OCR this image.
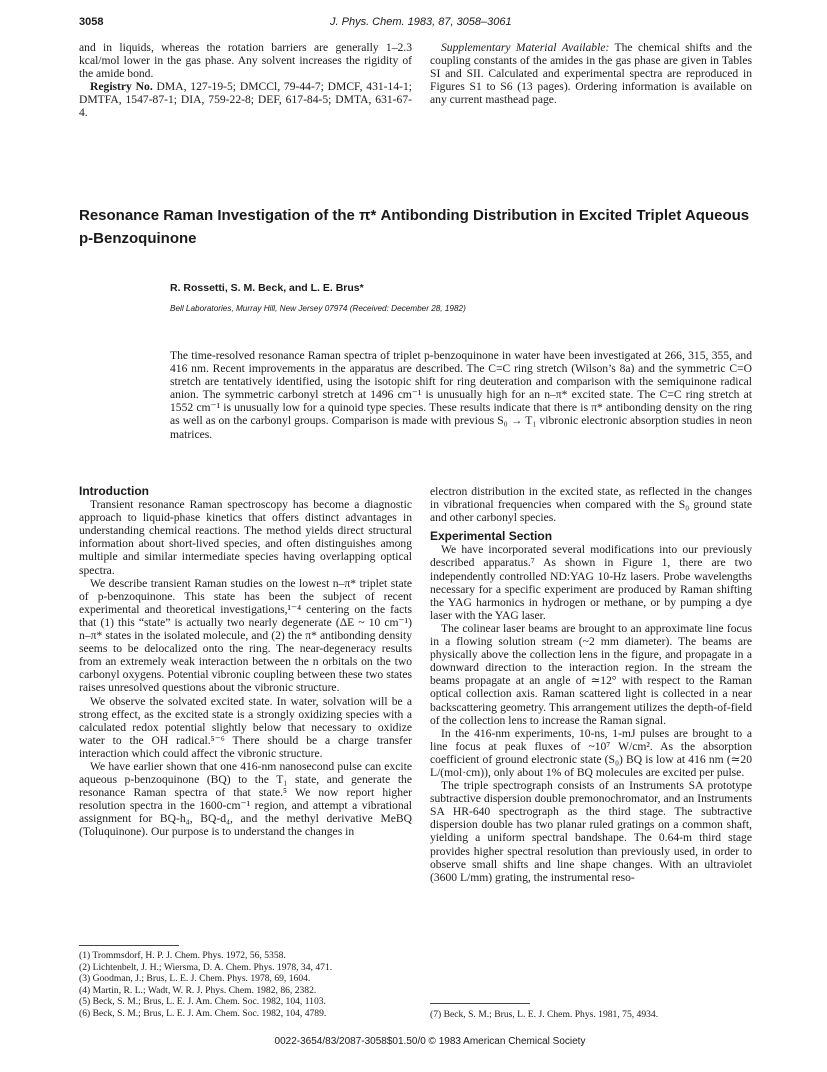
3058	J. Phys. Chem. 1983, 87, 3058–3061

and in liquids, whereas the rotation barriers are generally 1–2.3 kcal/mol lower in the gas phase. Any solvent increases the rigidity of the amide bond.

Registry No. DMA, 127-19-5; DMCCl, 79-44-7; DMCF, 431-14-1; DMTFA, 1547-87-1; DIA, 759-22-8; DEF, 617-84-5; DMTA, 631-67-4.

Supplementary Material Available: The chemical shifts and the coupling constants of the amides in the gas phase are given in Tables SI and SII. Calculated and experimental spectra are reproduced in Figures S1 to S6 (13 pages). Ordering information is available on any current masthead page.

Resonance Raman Investigation of the π* Antibonding Distribution in Excited Triplet Aqueous p-Benzoquinone
R. Rossetti, S. M. Beck, and L. E. Brus*
Bell Laboratories, Murray Hill, New Jersey 07974 (Received: December 28, 1982)
The time-resolved resonance Raman spectra of triplet p-benzoquinone in water have been investigated at 266, 315, 355, and 416 nm. Recent improvements in the apparatus are described. The C=C ring stretch (Wilson’s 8a) and the symmetric C=O stretch are tentatively identified, using the isotopic shift for ring deuteration and comparison with the semiquinone radical anion. The symmetric carbonyl stretch at 1496 cm⁻¹ is unusually high for an n–π* excited state. The C=C ring stretch at 1552 cm⁻¹ is unusually low for a quinoid type species. These results indicate that there is π* antibonding density on the ring as well as on the carbonyl groups. Comparison is made with previous S₀ → T₁ vibronic electronic absorption studies in neon matrices.
Introduction

Transient resonance Raman spectroscopy has become a diagnostic approach to liquid-phase kinetics that offers distinct advantages in understanding chemical reactions. The method yields direct structural information about short-lived species, and often distinguishes among multiple and similar intermediate species having overlapping optical spectra.

We describe transient Raman studies on the lowest n–π* triplet state of p-benzoquinone. This state has been the subject of recent experimental and theoretical investigations,¹⁻⁴ centering on the facts that (1) this “state” is actually two nearly degenerate (ΔE ~ 10 cm⁻¹) n–π* states in the isolated molecule, and (2) the π* antibonding density seems to be delocalized onto the ring. The near-degeneracy results from an extremely weak interaction between the n orbitals on the two carbonyl oxygens. Potential vibronic coupling between these two states raises unresolved questions about the vibronic structure.

We observe the solvated excited state. In water, solvation will be a strong effect, as the excited state is a strongly oxidizing species with a calculated redox potential slightly below that necessary to oxidize water to the OH radical.⁵⁻⁶ There should be a charge transfer interaction which could affect the vibronic structure.

We have earlier shown that one 416-nm nanosecond pulse can excite aqueous p-benzoquinone (BQ) to the T₁ state, and generate the resonance Raman spectra of that state.⁵ We now report higher resolution spectra in the 1600-cm⁻¹ region, and attempt a vibrational assignment for BQ-h₄, BQ-d₄, and the methyl derivative MeBQ (Toluquinone). Our purpose is to understand the changes in

(1) Trommsdorf, H. P. J. Chem. Phys. 1972, 56, 5358.
(2) Lichtenbelt, J. H.; Wiersma, D. A. Chem. Phys. 1978, 34, 471.
(3) Goodman, J.; Brus, L. E. J. Chem. Phys. 1978, 69, 1604.
(4) Martin, R. L.; Wadt, W. R. J. Phys. Chem. 1982, 86, 2382.
(5) Beck, S. M.; Brus, L. E. J. Am. Chem. Soc. 1982, 104, 1103.
(6) Beck, S. M.; Brus, L. E. J. Am. Chem. Soc. 1982, 104, 4789.

electron distribution in the excited state, as reflected in the changes in vibrational frequencies when compared with the S₀ ground state and other carbonyl species.

Experimental Section

We have incorporated several modifications into our previously described apparatus.⁷ As shown in Figure 1, there are two independently controlled ND:YAG 10-Hz lasers. Probe wavelengths necessary for a specific experiment are produced by Raman shifting the YAG harmonics in hydrogen or methane, or by pumping a dye laser with the YAG laser.

The colinear laser beams are brought to an approximate line focus in a flowing solution stream (~2 mm diameter). The beams are physically above the collection lens in the figure, and propagate in a downward direction to the interaction region. In the stream the beams propagate at an angle of ≃12° with respect to the Raman optical collection axis. Raman scattered light is collected in a near backscattering geometry. This arrangement utilizes the depth-of-field of the collection lens to increase the Raman signal.

In the 416-nm experiments, 10-ns, 1-mJ pulses are brought to a line focus at peak fluxes of ~10⁷ W/cm². As the absorption coefficient of ground electronic state (S₀) BQ is low at 416 nm (≃20 L/(mol·cm)), only about 1% of BQ molecules are excited per pulse.

The triple spectrograph consists of an Instruments SA prototype subtractive dispersion double premonochromator, and an Instruments SA HR-640 spectrograph as the third stage. The subtractive dispersion double has two planar ruled gratings on a common shaft, yielding a uniform spectral bandshape. The 0.64-m third stage provides higher spectral resolution than previously used, in order to observe small shifts and line shape changes. With an ultraviolet (3600 L/mm) grating, the instrumental reso-

(7) Beck, S. M.; Brus, L. E. J. Chem. Phys. 1981, 75, 4934.
0022-3654/83/2087-3058$01.50/0 © 1983 American Chemical Society
